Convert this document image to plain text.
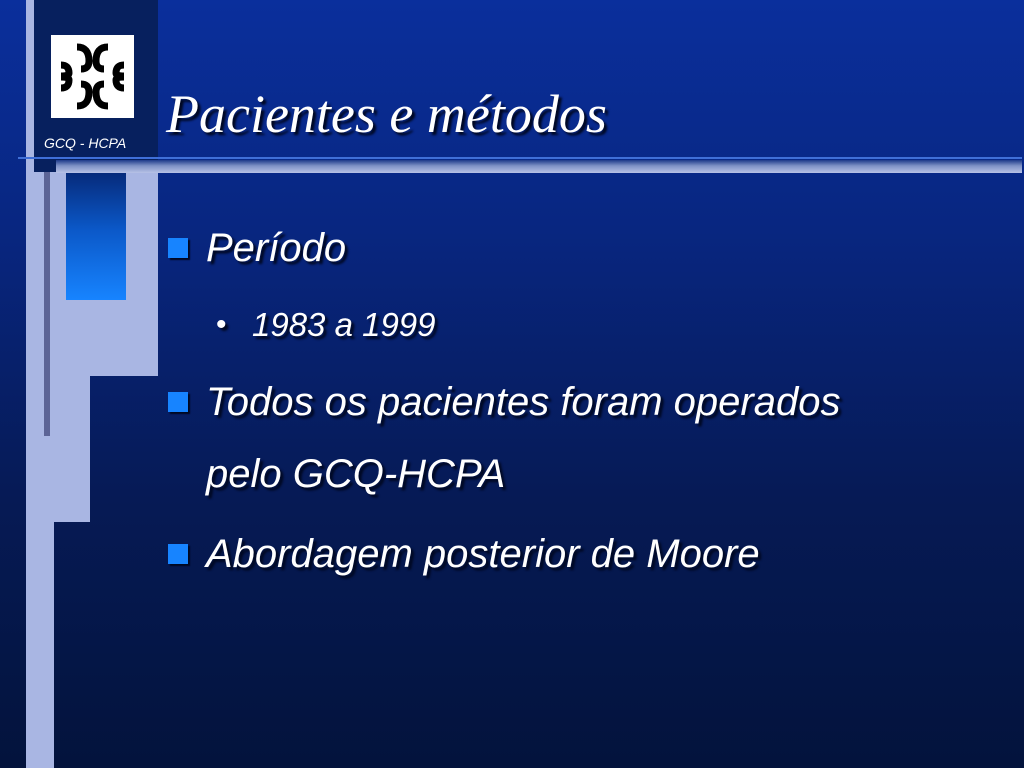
GCQ - HCPA Pacientes e métodos
Período
• 1983 a 1999
Todos os pacientes foram operados
pelo GCQ-HCPA
Abordagem posterior de Moore
